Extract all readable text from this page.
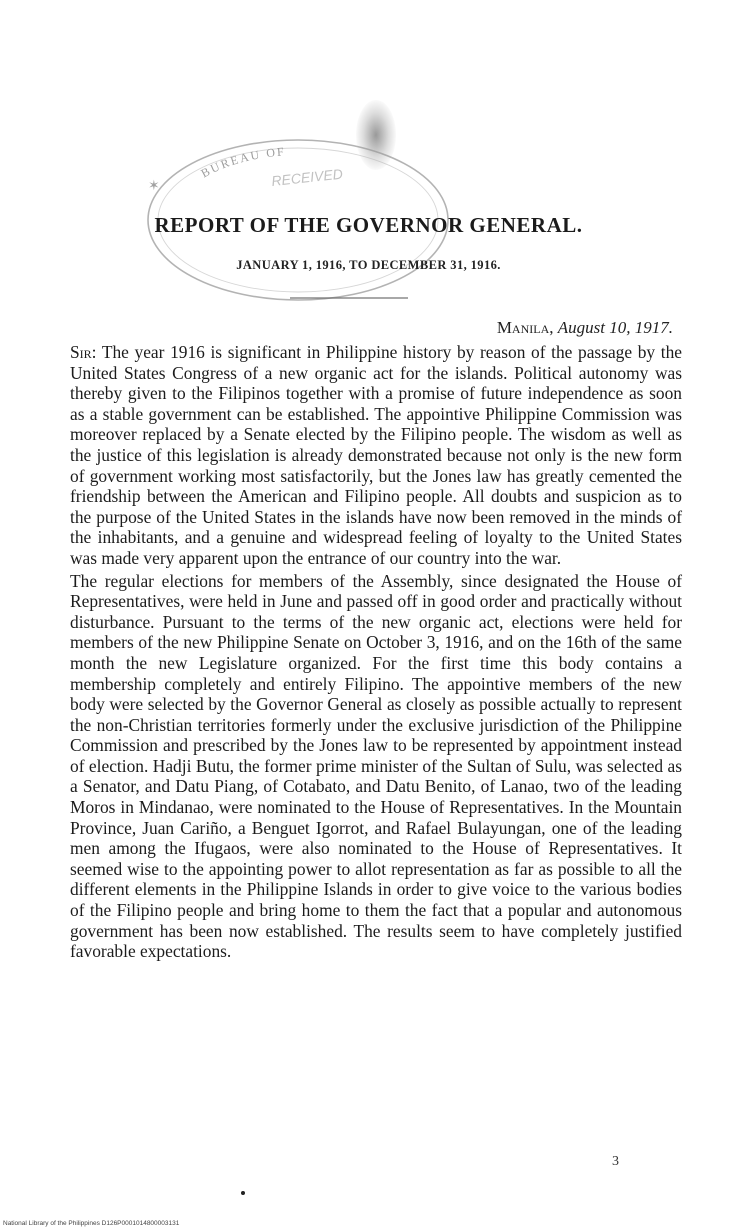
BUREAU OF
RECEIVED
✶
REPORT OF THE GOVERNOR GENERAL.
JANUARY 1, 1916, TO DECEMBER 31, 1916.
Manila, August 10, 1917.

Sir: The year 1916 is significant in Philippine history by reason of the passage by the United States Congress of a new organic act for the islands. Political autonomy was thereby given to the Filipinos together with a promise of future independence as soon as a stable government can be established. The appointive Philippine Commission was moreover replaced by a Senate elected by the Filipino people. The wisdom as well as the justice of this legislation is already demonstrated because not only is the new form of government working most satisfactorily, but the Jones law has greatly cemented the friendship between the American and Filipino people. All doubts and suspicion as to the purpose of the United States in the islands have now been removed in the minds of the inhabitants, and a genuine and widespread feeling of loyalty to the United States was made very apparent upon the entrance of our country into the war.

The regular elections for members of the Assembly, since designated the House of Representatives, were held in June and passed off in good order and practically without disturbance. Pursuant to the terms of the new organic act, elections were held for members of the new Philippine Senate on October 3, 1916, and on the 16th of the same month the new Legislature organized. For the first time this body contains a membership completely and entirely Filipino. The appointive members of the new body were selected by the Governor General as closely as possible actually to represent the non-Christian territories formerly under the exclusive jurisdiction of the Philippine Commission and prescribed by the Jones law to be represented by appointment instead of election. Hadji Butu, the former prime minister of the Sultan of Sulu, was selected as a Senator, and Datu Piang, of Cotabato, and Datu Benito, of Lanao, two of the leading Moros in Mindanao, were nominated to the House of Representatives. In the Mountain Province, Juan Cariño, a Benguet Igorrot, and Rafael Bulayungan, one of the leading men among the Ifugaos, were also nominated to the House of Representatives. It seemed wise to the appointing power to allot representation as far as possible to all the different elements in the Philippine Islands in order to give voice to the various bodies of the Filipino people and bring home to them the fact that a popular and autonomous government has been now established. The results seem to have completely justified favorable expectations.

3
National Library of the Philippines D126P0001014800003131
